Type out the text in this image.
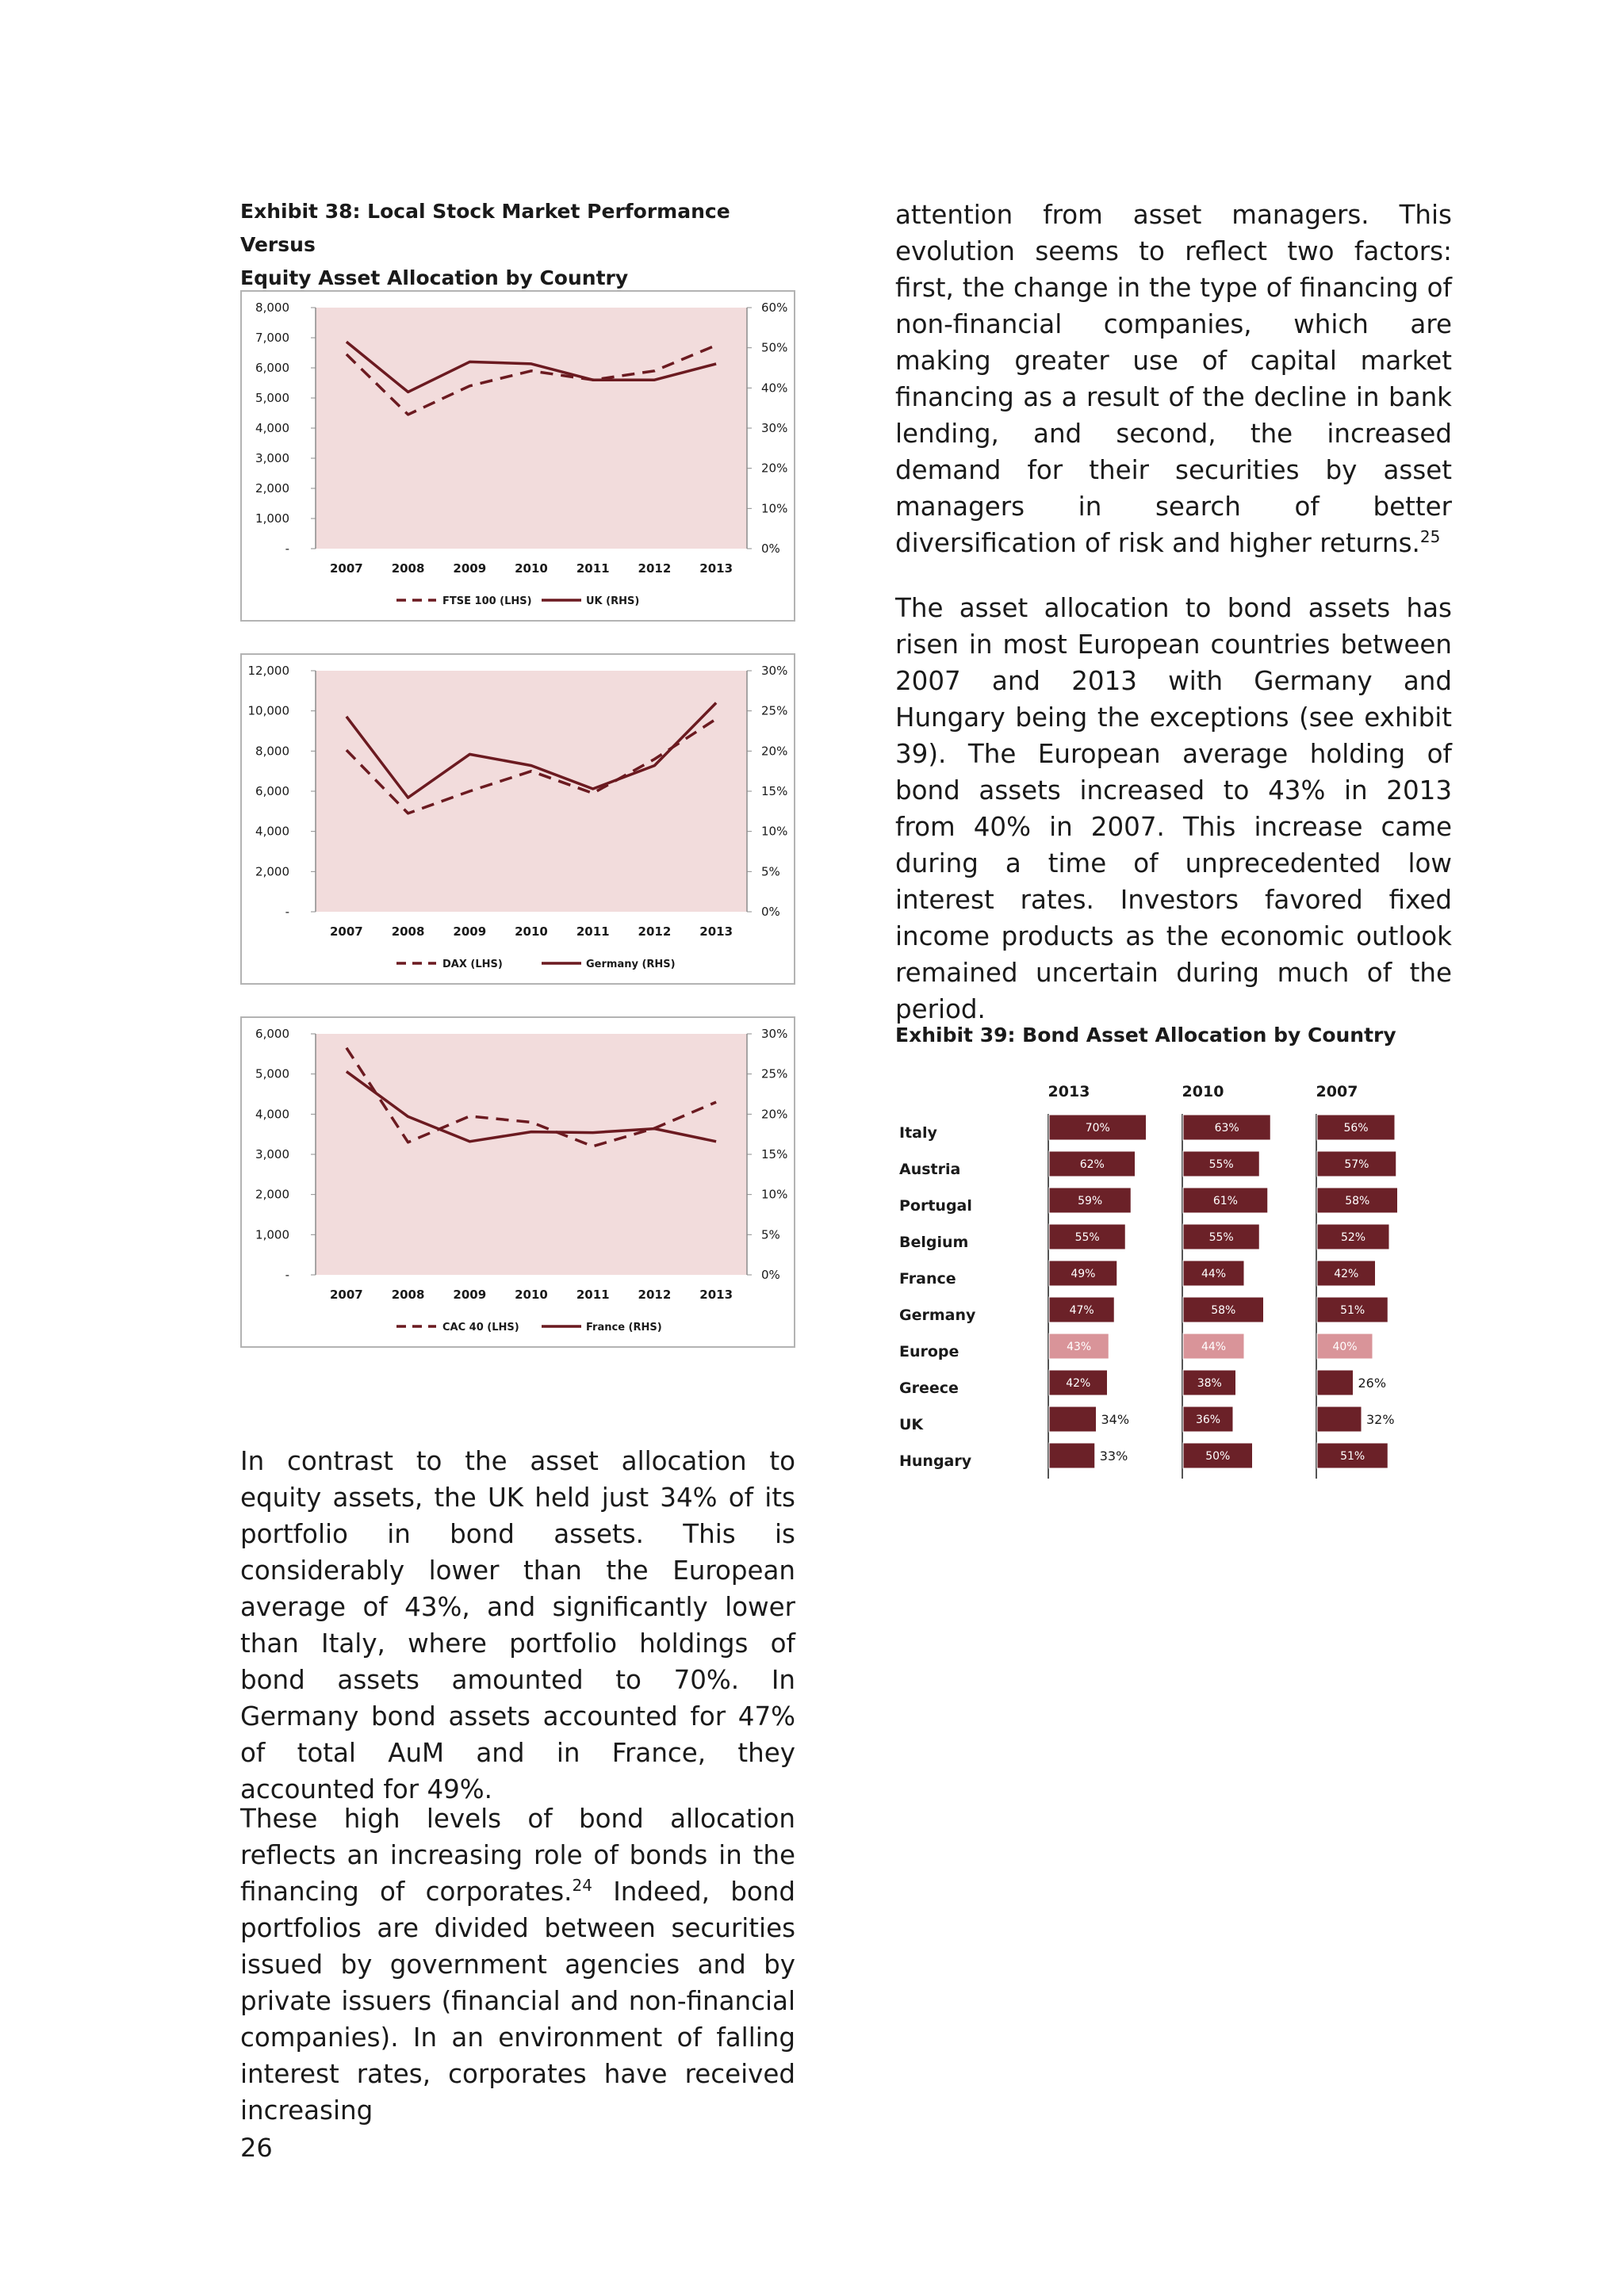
Exhibit 38: Local Stock Market Performance Versus
Equity Asset Allocation by Country
8,000
7,000
6,000
5,000
4,000
3,000
2,000
1,000
-
60%
50%
40%
30%
20%
10%
0%
2007 2008 2009 2010 2011 2012 2013
FTSE 100 (LHS)	UK (RHS)
12,000
10,000
8,000
6,000
4,000
2,000
-
30%
25%
20%
15%
10%
5%
0%
2007 2008 2009 2010 2011 2012 2013
DAX (LHS)	Germany (RHS)
6,000
5,000
4,000
3,000
2,000
1,000
-
30%
25%
20%
15%
10%
5%
0%
2007 2008 2009 2010 2011 2012 2013
CAC 40 (LHS)	France (RHS)

In contrast to the asset allocation to equity assets, the UK held just 34% of its portfolio in bond assets. This is considerably lower than the European average of 43%, and significantly lower than Italy, where portfolio holdings of bond assets amounted to 70%. In Germany bond assets accounted for 47% of total AuM and in France, they accounted for 49%.

These high levels of bond allocation reflects an increasing role of bonds in the financing of corporates.$^{24}$ Indeed, bond portfolios are divided between securities issued by government agencies and by private issuers (financial and non-financial companies). In an environment of falling interest rates, corporates have received increasing

attention from asset managers. This evolution seems to reflect two factors: first, the change in the type of financing of non-financial companies, which are making greater use of capital market financing as a result of the decline in bank lending, and second, the increased demand for their securities by asset managers in search of better diversification of risk and higher returns.$^{25}$

The asset allocation to bond assets has risen in most European countries between 2007 and 2013 with Germany and Hungary being the exceptions (see exhibit 39). The European average holding of bond assets increased to 43% in 2013 from 40% in 2007. This increase came during a time of unprecedented low interest rates. Investors favored fixed income products as the economic outlook remained uncertain during much of the period.

Exhibit 39: Bond Asset Allocation by Country
2013	2010	2007
Italy	70%	63%	56%
Austria	62%	55%	57%
Portugal	59%	61%	58%
Belgium	55%	55%	52%
France	49%	44%	42%
Germany	47%	58%	51%
Europe	43%	44%	40%
Greece	42%	38%	26%
UK	34%	36%	32%
Hungary	33%	50%	51%
26
